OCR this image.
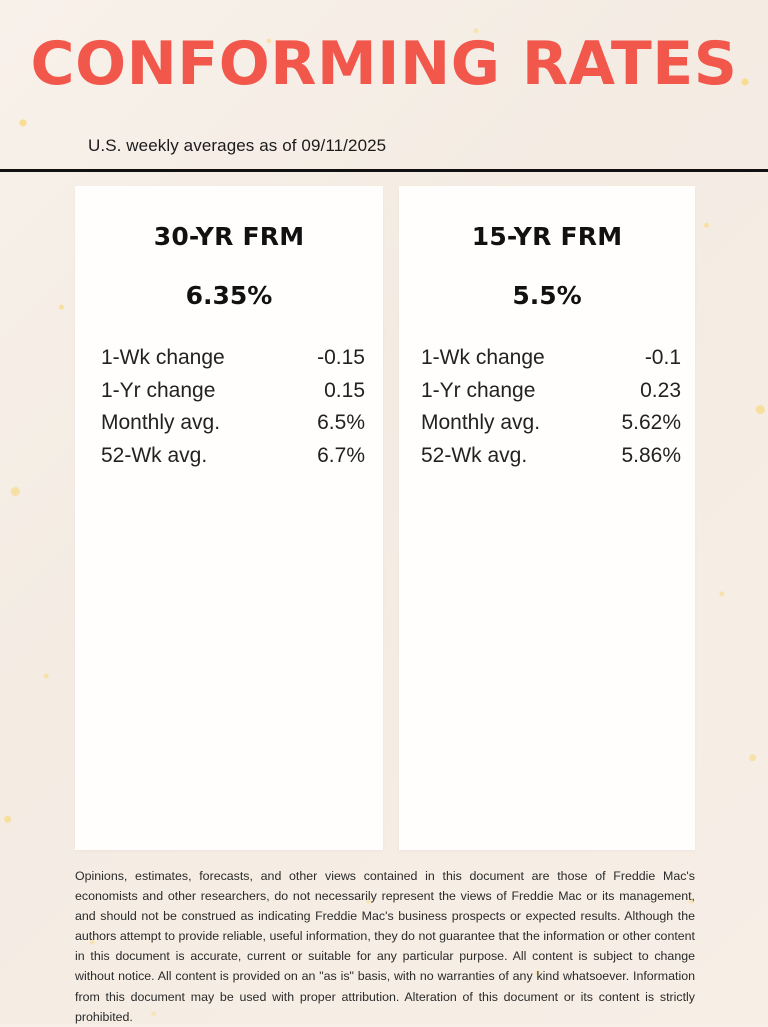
CONFORMING RATES
U.S. weekly averages as of 09/11/2025
30-YR FRM
6.35%
1-Wk change	-0.15
1-Yr change	0.15
Monthly avg.	6.5%
52-Wk avg.	6.7%
15-YR FRM
5.5%
1-Wk change	-0.1
1-Yr change	0.23
Monthly avg.	5.62%
52-Wk avg.	5.86%
Opinions, estimates, forecasts, and other views contained in this document are those of Freddie Mac's economists and other researchers, do not necessarily represent the views of Freddie Mac or its management, and should not be construed as indicating Freddie Mac's business prospects or expected results. Although the authors attempt to provide reliable, useful information, they do not guarantee that the information or other content in this document is accurate, current or suitable for any particular purpose. All content is subject to change without notice. All content is provided on an "as is" basis, with no warranties of any kind whatsoever. Information from this document may be used with proper attribution. Alteration of this document or its content is strictly prohibited.
